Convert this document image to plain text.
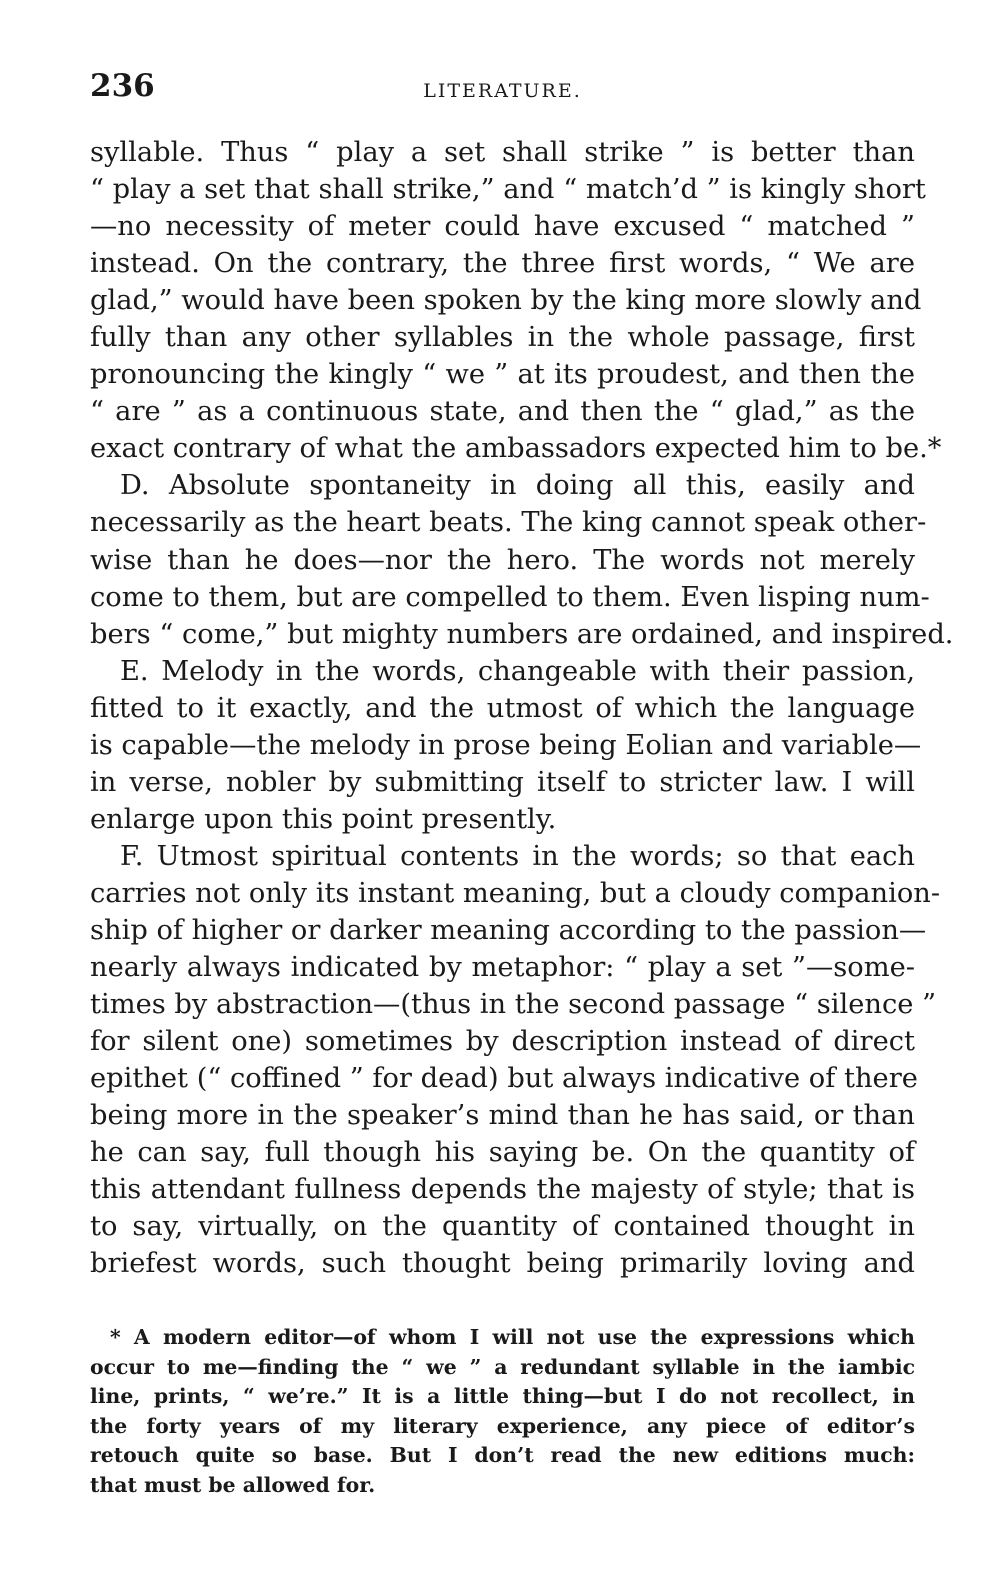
236	LITERATURE.
syllable. Thus “ play a set shall strike ” is better than
“ play a set that shall strike,” and “ match’d ” is kingly short
—no necessity of meter could have excused “ matched ”
instead. On the contrary, the three first words, “ We are
glad,” would have been spoken by the king more slowly and
fully than any other syllables in the whole passage, first
pronouncing the kingly “ we ” at its proudest, and then the
“ are ” as a continuous state, and then the “ glad,” as the
exact contrary of what the ambassadors expected him to be.*
D. Absolute spontaneity in doing all this, easily and
necessarily as the heart beats. The king cannot speak other-
wise than he does—nor the hero. The words not merely
come to them, but are compelled to them. Even lisping num-
bers “ come,” but mighty numbers are ordained, and inspired.
E. Melody in the words, changeable with their passion,
fitted to it exactly, and the utmost of which the language
is capable—the melody in prose being Eolian and variable—
in verse, nobler by submitting itself to stricter law. I will
enlarge upon this point presently.
F. Utmost spiritual contents in the words; so that each
carries not only its instant meaning, but a cloudy companion-
ship of higher or darker meaning according to the passion—
nearly always indicated by metaphor: “ play a set ”—some-
times by abstraction—(thus in the second passage “ silence ”
for silent one) sometimes by description instead of direct
epithet (“ coffined ” for dead) but always indicative of there
being more in the speaker’s mind than he has said, or than
he can say, full though his saying be. On the quantity of
this attendant fullness depends the majesty of style; that is
to say, virtually, on the quantity of contained thought in
briefest words, such thought being primarily loving and
* A modern editor—of whom I will not use the expressions which
occur to me—finding the “ we ” a redundant syllable in the iambic
line, prints, “ we’re.” It is a little thing—but I do not recollect, in
the forty years of my literary experience, any piece of editor’s
retouch quite so base. But I don’t read the new editions much:
that must be allowed for.
